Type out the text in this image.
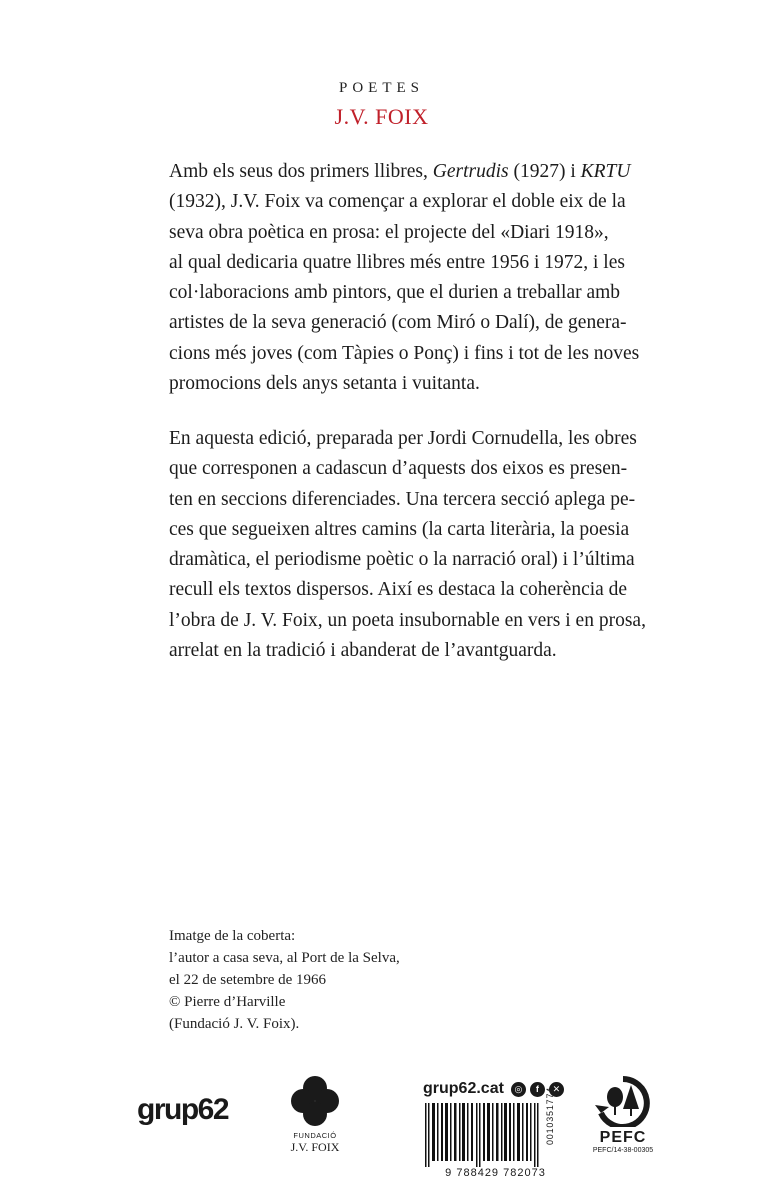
POETES
J.V. FOIX
Amb els seus dos primers llibres, Gertrudis (1927) i KRTU
(1932), J.V. Foix va començar a explorar el doble eix de la
seva obra poètica en prosa: el projecte del «Diari 1918»,
al qual dedicaria quatre llibres més entre 1956 i 1972, i les
col·laboracions amb pintors, que el durien a treballar amb
artistes de la seva generació (com Miró o Dalí), de genera-
cions més joves (com Tàpies o Ponç) i fins i tot de les noves
promocions dels anys setanta i vuitanta.
En aquesta edició, preparada per Jordi Cornudella, les obres
que corresponen a cadascun d’aquests dos eixos es presen-
ten en seccions diferenciades. Una tercera secció aplega pe-
ces que segueixen altres camins (la carta literària, la poesia
dramàtica, el periodisme poètic o la narració oral) i l’última
recull els textos dispersos. Així es destaca la coherència de
l’obra de J. V. Foix, un poeta insubornable en vers i en prosa,
arrelat en la tradició i abanderat de l’avantguarda.
Imatge de la coberta:
l’autor a casa seva, al Port de la Selva,
el 22 de setembre de 1966
© Pierre d’Harville
(Fundació J. V. Foix).
grup62
FUNDACIÓ
J.V. FOIX
grup62.cat	◎	f	✕
9 788429 782073
0010351774	PEFC
PEFC/14-38-00305
